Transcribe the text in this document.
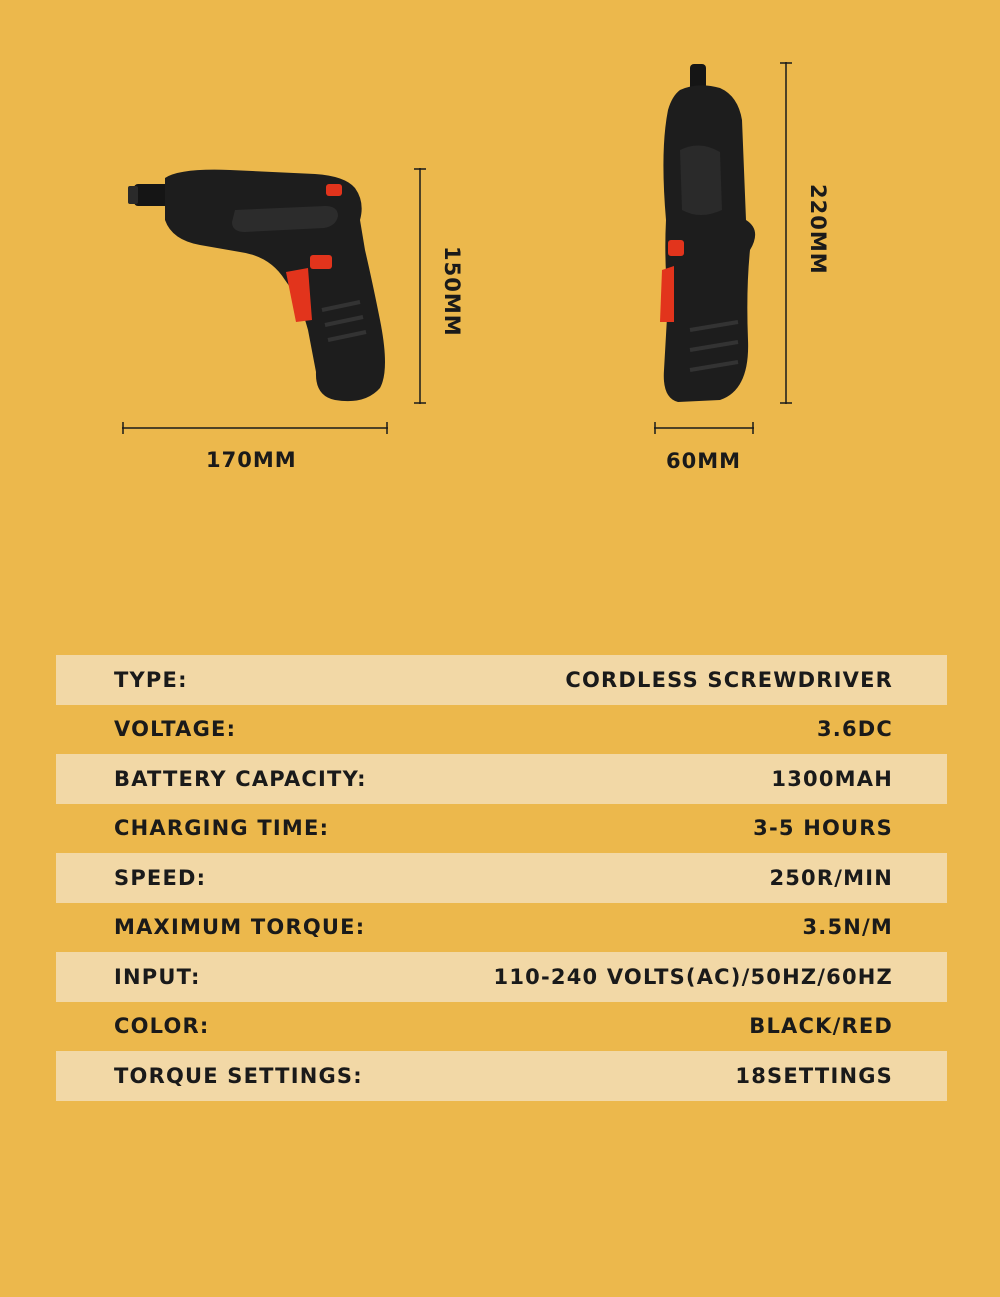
150MM
170MM
220MM
60MM
TYPE:	CORDLESS SCREWDRIVER
VOLTAGE:	3.6DC
BATTERY CAPACITY:	1300MAH
CHARGING TIME:	3-5 HOURS
SPEED:	250R/MIN
MAXIMUM TORQUE:	3.5N/M
INPUT:	110-240 VOLTS(AC)/50HZ/60HZ
COLOR:	BLACK/RED
TORQUE SETTINGS:	18SETTINGS
